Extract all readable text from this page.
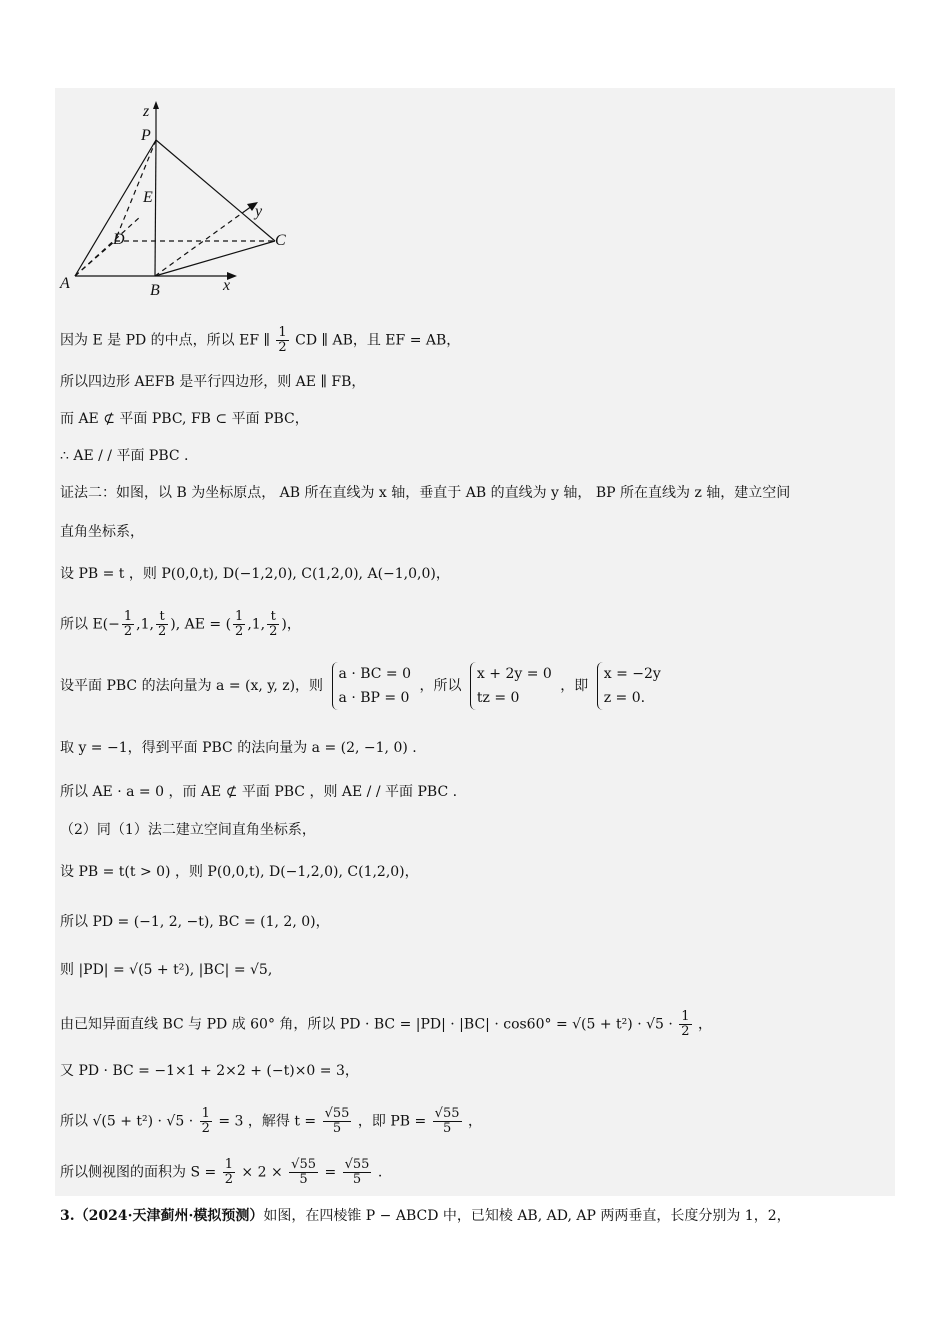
z
P
E
y
D	C
A	B	x
因为 E 是 PD 的中点，所以 EF ∥ $\frac{1}{2}$ CD ∥ AB，且 EF = AB，
所以四边形 AEFB 是平行四边形，则 AE ∥ FB，
而 AE ⊄ 平面 PBC, FB ⊂ 平面 PBC，
∴ AE / / 平面 PBC .
证法二：如图，以 B 为坐标原点， AB 所在直线为 x 轴，垂直于 AB 的直线为 y 轴， BP 所在直线为 z 轴，建立空间
直角坐标系，
设 PB = t ，则 P(0,0,t), D(−1,2,0), C(1,2,0), A(−1,0,0)，
所以 $E(- \frac{1}{2} ,1$, $\frac{t}{2}$ ), AE = ( $\frac{1}{2} ,1$, $\frac{t}{2}$ )，
设平面 PBC 的法向量为 a = (x, y, z)，则
a · BC = 0
a · BP = 0
，所以
x + 2y = 0
tz = 0
，即
x = −2y
z = 0.
取 y = −1，得到平面 PBC 的法向量为 a = (2, −1, 0) .
所以 AE · a = 0 ，而 AE ⊄ 平面 PBC ，则 AE / / 平面 PBC .
（2）同（1）法二建立空间直角坐标系，
设 PB = t(t > 0) ，则 P(0,0,t), D(−1,2,0), C(1,2,0)，
所以 PD = (−1, 2, −t), BC = (1, 2, 0)，
则 |PD| = √(5 + t²), |BC| = √5,
由已知异面直线 BC 与 PD 成 60° 角，所以 PD · BC = $|PD| \cdot |BC| \cdot \cos 60^\circ = √(5 + t^2) \cdot √5 \cdot \frac{1}{2}$ ，
又 PD · BC = −1×1 + 2×2 + (−t)×0 = 3，
所以 $√(5 + t^2) \cdot √5 \cdot \frac{1}{2} = 3$ ，解得 $t = \frac{√55}{5}$ ，即 PB = $\frac{√55}{5}$ ，
所以侧视图的面积为 $S = \frac{1}{2} \times 2 \times \frac{√55}{5} = \frac{√55}{5}$ .
3.（2024·天津蓟州·模拟预测）如图，在四棱锥 P − ABCD 中，已知棱 AB, AD, AP 两两垂直，长度分别为 1，2，
